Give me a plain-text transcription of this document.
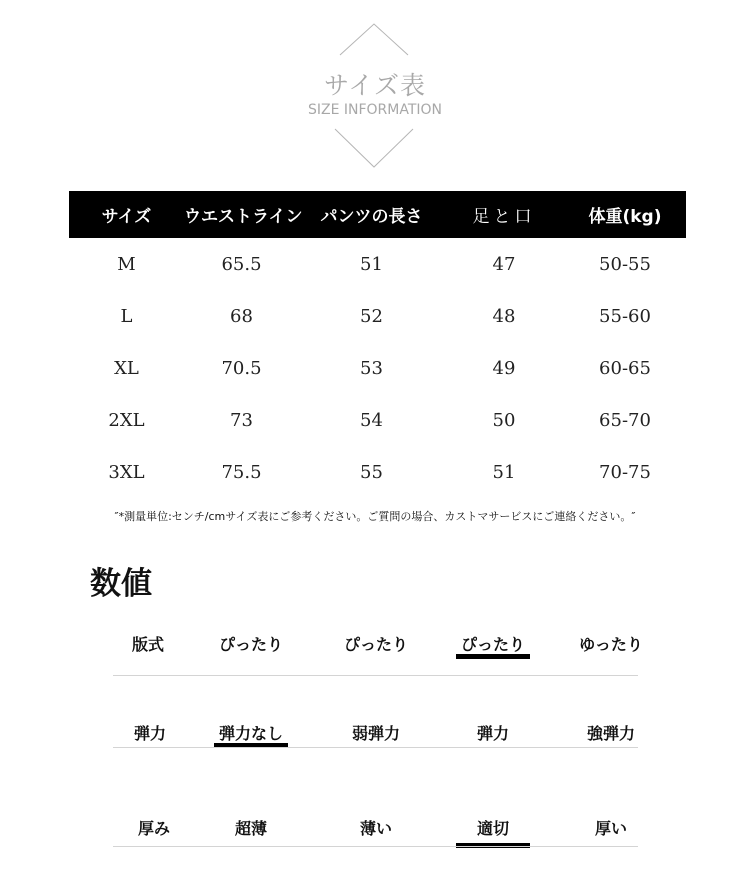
サイズ表
SIZE INFORMATION
サイズ	ウエストライン	パンツの長さ	足と口	体重(kg)
M	65.5	51	47	50-55
L	68	52	48	55-60
XL	70.5	53	49	60-65
2XL	73	54	50	65-70
3XL	75.5	55	51	70-75
″*測量単位:センチ/cmサイズ表にご参考ください。ご質問の場合、カストマサービスにご連絡ください。″
数値
版式	ぴったり	ぴったり	ぴったり	ゆったり
弾力	弾力なし	弱弾力	弾力	強弾力
厚み	超薄	薄い	適切	厚い
